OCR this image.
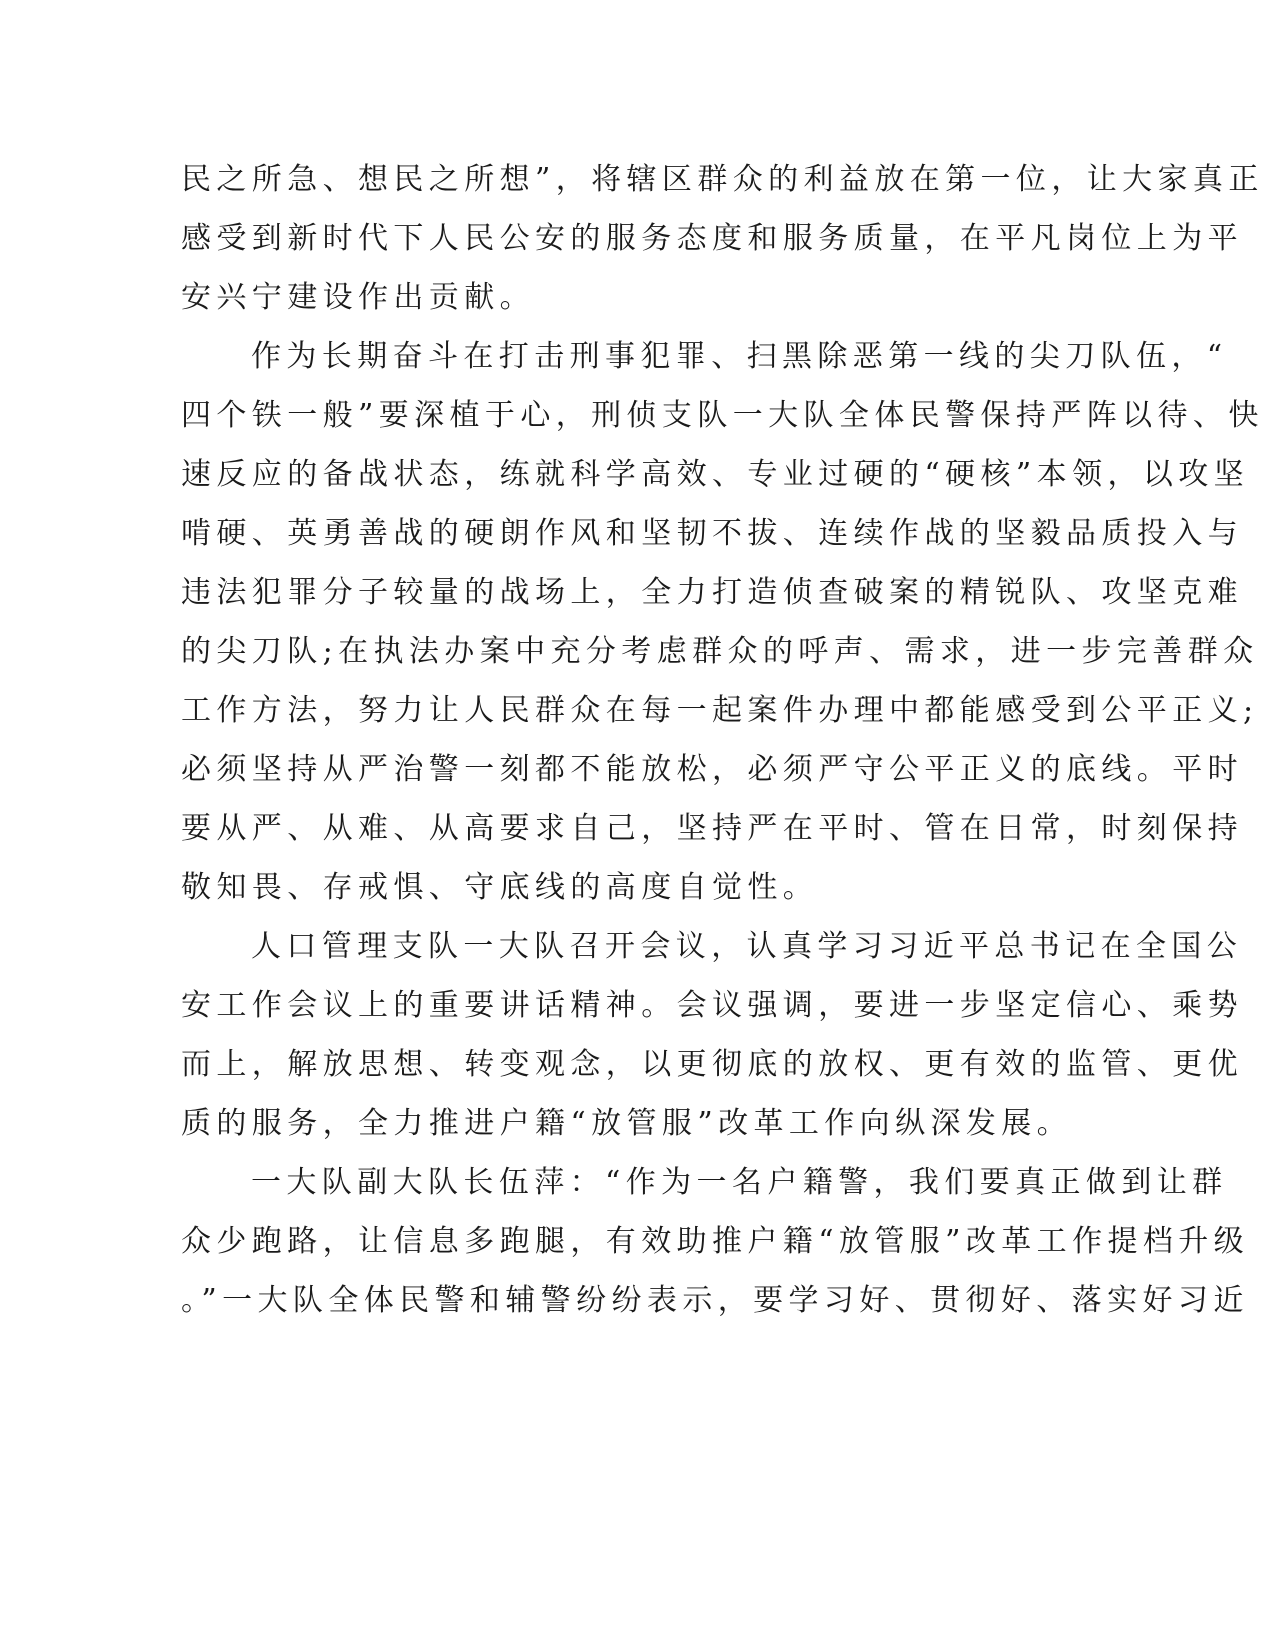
民之所急、想民之所想”，将辖区群众的利益放在第一位，让大家真正
感受到新时代下人民公安的服务态度和服务质量，在平凡岗位上为平
安兴宁建设作出贡献。
作为长期奋斗在打击刑事犯罪、扫黑除恶第一线的尖刀队伍，“
四个铁一般”要深植于心，刑侦支队一大队全体民警保持严阵以待、快
速反应的备战状态，练就科学高效、专业过硬的“硬核”本领，以攻坚
啃硬、英勇善战的硬朗作风和坚韧不拔、连续作战的坚毅品质投入与
违法犯罪分子较量的战场上，全力打造侦查破案的精锐队、攻坚克难
的尖刀队;在执法办案中充分考虑群众的呼声、需求，进一步完善群众
工作方法，努力让人民群众在每一起案件办理中都能感受到公平正义;
必须坚持从严治警一刻都不能放松，必须严守公平正义的底线。平时
要从严、从难、从高要求自己，坚持严在平时、管在日常，时刻保持
敬知畏、存戒惧、守底线的高度自觉性。
人口管理支队一大队召开会议，认真学习习近平总书记在全国公
安工作会议上的重要讲话精神。会议强调，要进一步坚定信心、乘势
而上，解放思想、转变观念，以更彻底的放权、更有效的监管、更优
质的服务，全力推进户籍“放管服”改革工作向纵深发展。
一大队副大队长伍萍：“作为一名户籍警，我们要真正做到让群
众少跑路，让信息多跑腿，有效助推户籍“放管服”改革工作提档升级
。”一大队全体民警和辅警纷纷表示，要学习好、贯彻好、落实好习近
